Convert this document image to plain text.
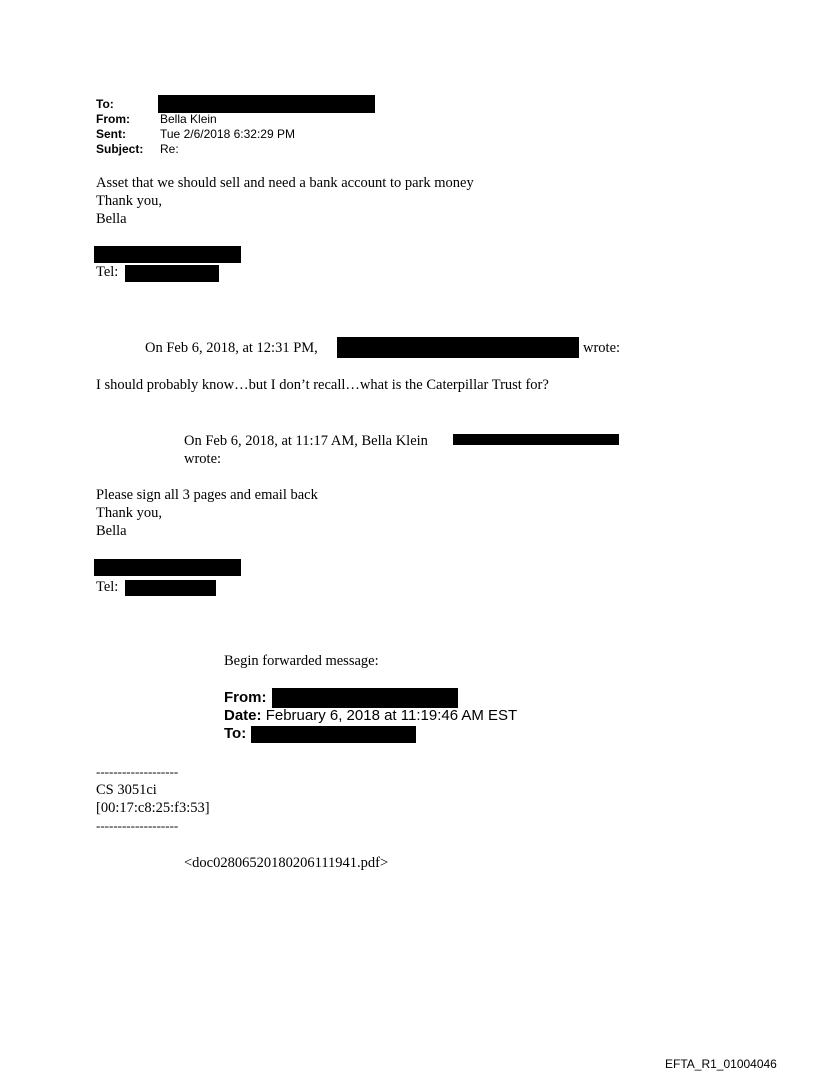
To:
From:	Bella Klein
Sent:	Tue 2/6/2018 6:32:29 PM
Subject: Re:
Asset that we should sell and need a bank account to park money
Thank you,
Bella
Tel:
On Feb 6, 2018, at 12:31 PM,	wrote:
I should probably know…but I don’t recall…what is the Caterpillar Trust for?
On Feb 6, 2018, at 11:17 AM, Bella Klein
wrote:
Please sign all 3 pages and email back
Thank you,
Bella
Tel:
Begin forwarded message:
From:
Date: February 6, 2018 at 11:19:46 AM EST
To:
-------------------
CS 3051ci
[00:17:c8:25:f3:53]
-------------------
<doc02806520180206111941.pdf>
EFTA_R1_01004046
